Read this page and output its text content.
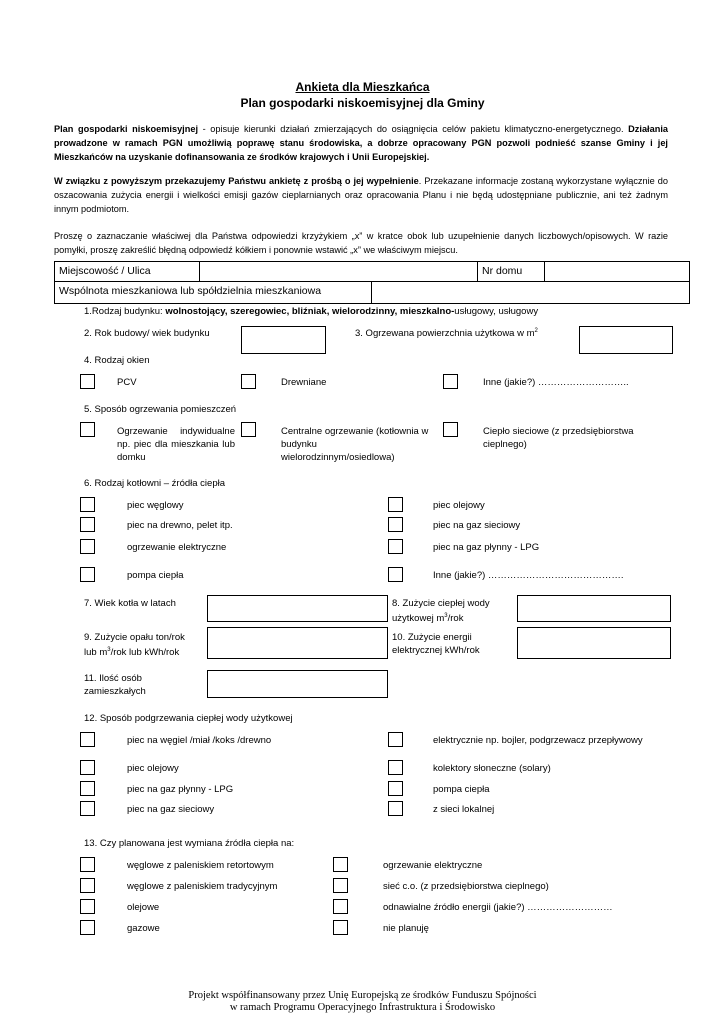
Ankieta dla Mieszkańca
Plan gospodarki niskoemisyjnej dla Gminy
Plan gospodarki niskoemisyjnej - opisuje kierunki działań zmierzających do osiągnięcia celów pakietu klimatyczno-energetycznego. Działania prowadzone w ramach PGN umożliwią poprawę stanu środowiska, a dobrze opracowany PGN pozwoli podnieść szanse Gminy i jej Mieszkańców na uzyskanie dofinansowania ze środków krajowych i Unii Europejskiej.
W związku z powyższym przekazujemy Państwu ankietę z prośbą o jej wypełnienie. Przekazane informacje zostaną wykorzystane wyłącznie do oszacowania zużycia energii i wielkości emisji gazów cieplarnianych oraz opracowania Planu i nie będą udostępniane publicznie, ani też żadnym innym podmiotom.
Proszę o zaznaczanie właściwej dla Państwa odpowiedzi krzyżykiem „x” w kratce obok lub uzupełnienie danych liczbowych/opisowych. W razie pomyłki, proszę zakreślić błędną odpowiedź kółkiem i ponownie wstawić „x” we właściwym miejscu.
Miejscowość / Ulica	Nr domu
Wspólnota mieszkaniowa lub spółdzielnia mieszkaniowa
1.Rodzaj budynku: wolnostojący, szeregowiec, bliźniak, wielorodzinny, mieszkalno-usługowy, usługowy
2. Rok budowy/ wiek budynku	3. Ogrzewana powierzchnia użytkowa w $m^2$
4. Rodzaj okien
PCV	Drewniane	Inne (jakie?) ………………………..
5. Sposób ogrzewania pomieszczeń
Ogrzewanie indywidualne np. piec dla mieszkania lub domku
Centralne ogrzewanie (kotłownia w budynku wielorodzinnym/osiedlowa)
Ciepło sieciowe (z przedsiębiorstwa cieplnego)
6. Rodzaj kotłowni – źródła ciepła
piec węglowy
piec na drewno, pelet itp.
ogrzewanie elektryczne
pompa ciepła
piec olejowy
piec na gaz sieciowy
piec na gaz płynny - LPG
Inne (jakie?) …………………………………….
7. Wiek kotła w latach	8. Zużycie ciepłej wody
użytkowej $m^3$/rok
9. Zużycie opału ton/rok
lub $m^3$/rok lub kWh/rok
10. Zużycie energii
elektrycznej kWh/rok
11. Ilość osób
zamieszkałych
12. Sposób podgrzewania ciepłej wody użytkowej
piec na węgiel /miał /koks /drewno
piec olejowy
piec na gaz płynny - LPG
piec na gaz sieciowy
elektrycznie np. bojler, podgrzewacz przepływowy
kolektory słoneczne (solary)
pompa ciepła
z sieci lokalnej
13. Czy planowana jest wymiana źródła ciepła na:
węglowe z paleniskiem retortowym
węglowe z paleniskiem tradycyjnym
olejowe
gazowe
ogrzewanie elektryczne
sieć c.o. (z przedsiębiorstwa cieplnego)
odnawialne źródło energii (jakie?) ………………………
nie planuję
Projekt współfinansowany przez Unię Europejską ze środków Funduszu Spójności
w ramach Programu Operacyjnego Infrastruktura i Środowisko
